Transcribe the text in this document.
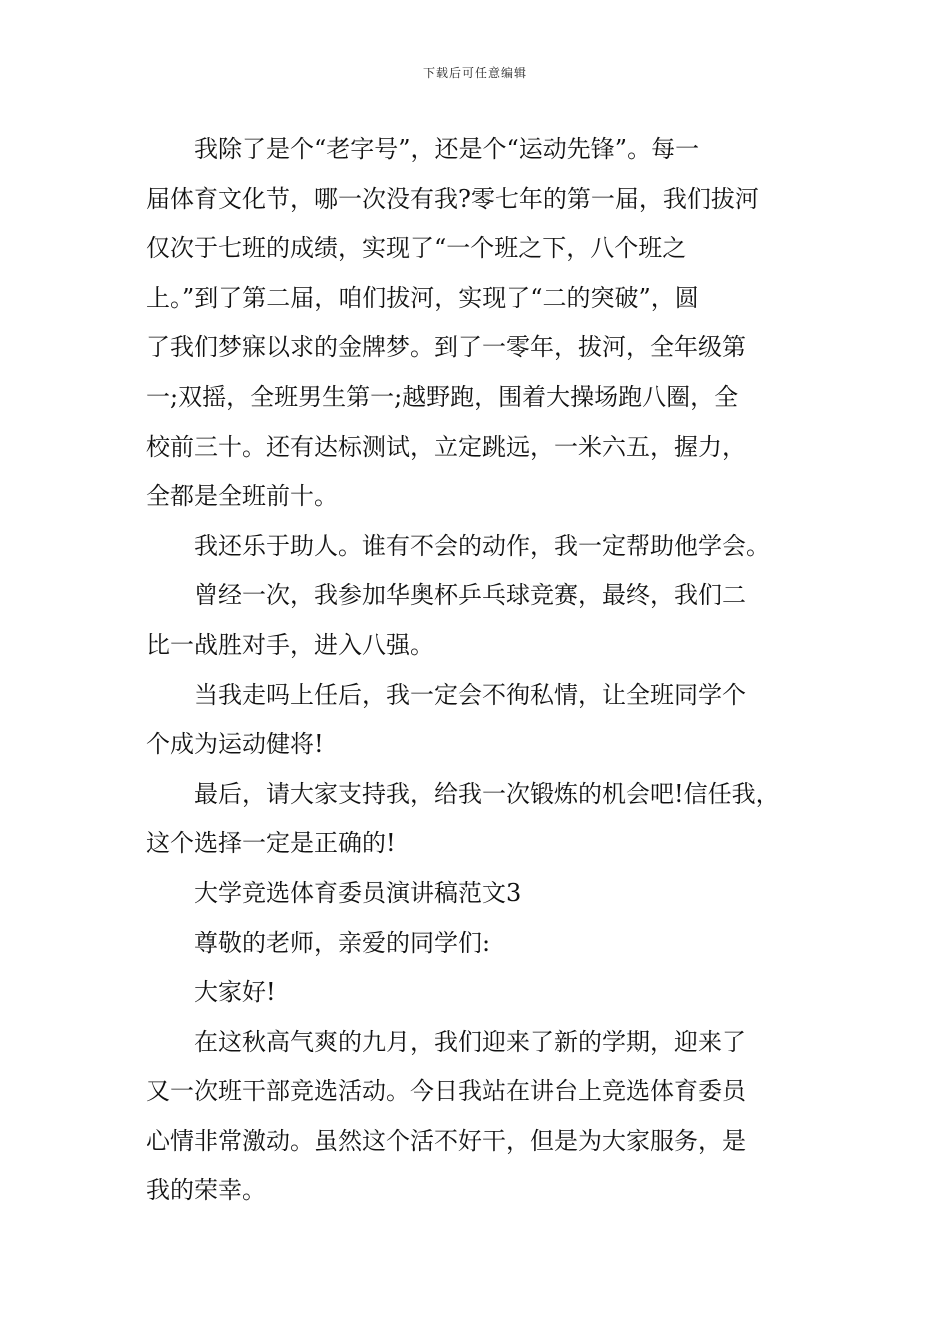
下载后可任意编辑
我除了是个“老字号”，还是个“运动先锋”。每一
届体育文化节，哪一次没有我?零七年的第一届，我们拔河
仅次于七班的成绩，实现了“一个班之下，八个班之
上。”到了第二届，咱们拔河，实现了“二的突破”，圆
了我们梦寐以求的金牌梦。到了一零年，拔河，全年级第
一;双摇，全班男生第一;越野跑，围着大操场跑八圈，全
校前三十。还有达标测试，立定跳远，一米六五，握力，
全都是全班前十。
我还乐于助人。谁有不会的动作，我一定帮助他学会。
曾经一次，我参加华奥杯乒乓球竞赛，最终，我们二
比一战胜对手，进入八强。
当我走吗上任后，我一定会不徇私情，让全班同学个
个成为运动健将!
最后，请大家支持我，给我一次锻炼的机会吧!信任我，
这个选择一定是正确的!
大学竞选体育委员演讲稿范文3
尊敬的老师，亲爱的同学们:
大家好!
在这秋高气爽的九月，我们迎来了新的学期，迎来了
又一次班干部竞选活动。今日我站在讲台上竞选体育委员
心情非常激动。虽然这个活不好干，但是为大家服务，是
我的荣幸。
